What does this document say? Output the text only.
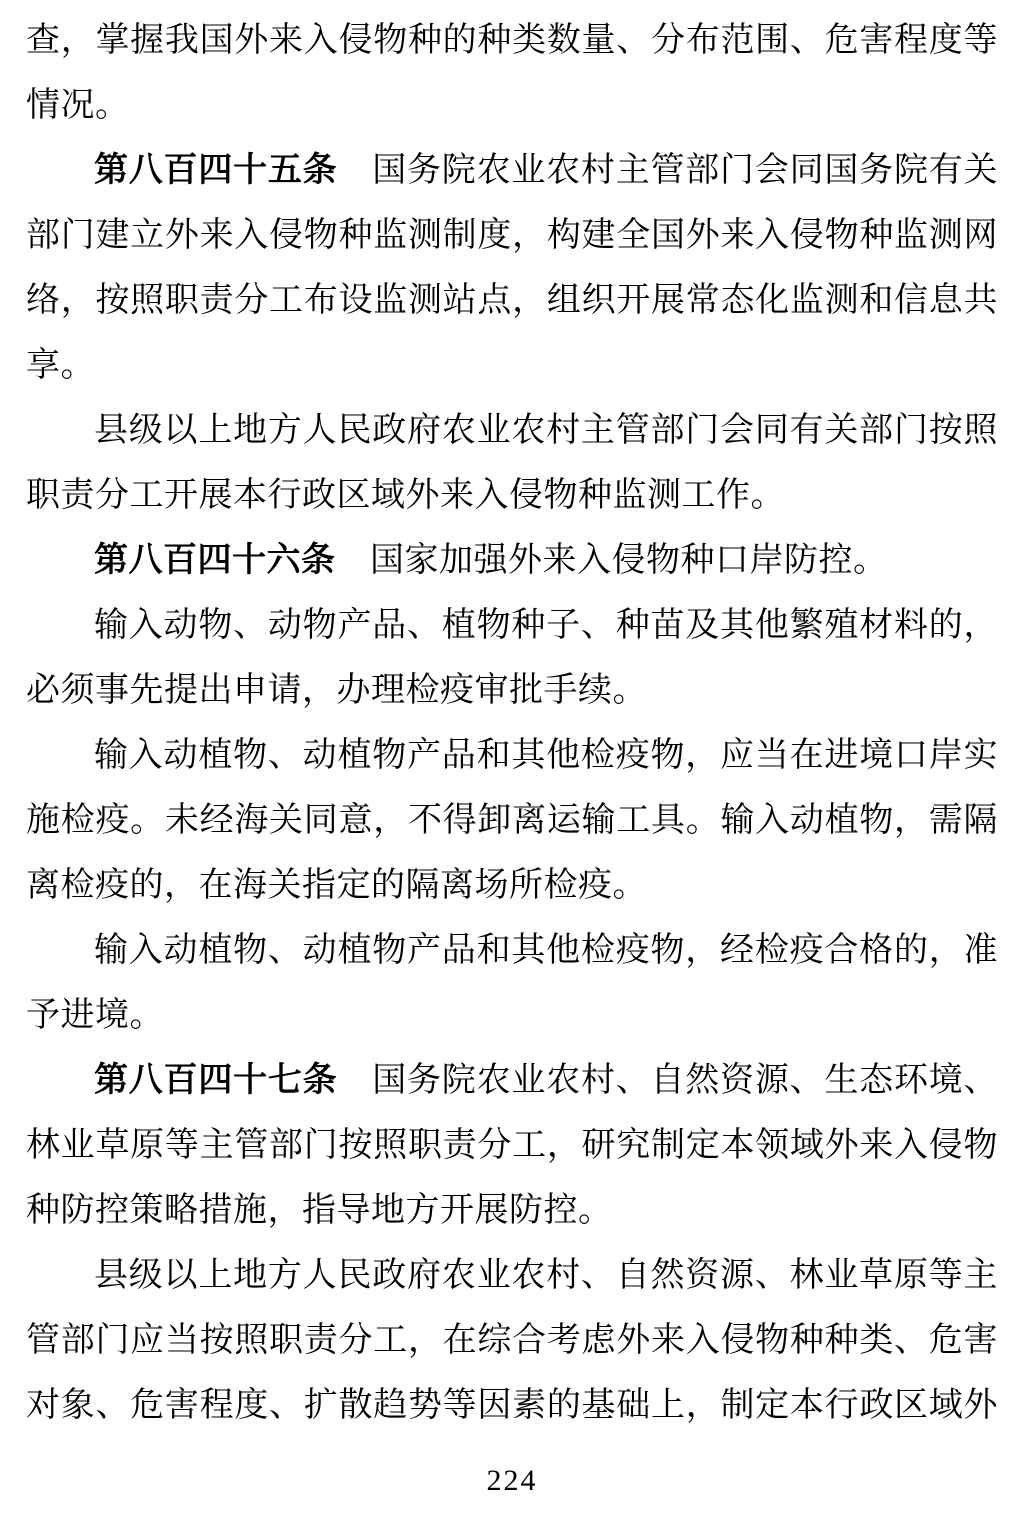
查，掌握我国外来入侵物种的种类数量、分布范围、危害程度等
情况。
第八百四十五条　国务院农业农村主管部门会同国务院有关
部门建立外来入侵物种监测制度，构建全国外来入侵物种监测网
络，按照职责分工布设监测站点，组织开展常态化监测和信息共
享。
县级以上地方人民政府农业农村主管部门会同有关部门按照
职责分工开展本行政区域外来入侵物种监测工作。
第八百四十六条　国家加强外来入侵物种口岸防控。
输入动物、动物产品、植物种子、种苗及其他繁殖材料的，
必须事先提出申请，办理检疫审批手续。
输入动植物、动植物产品和其他检疫物，应当在进境口岸实
施检疫。未经海关同意，不得卸离运输工具。输入动植物，需隔
离检疫的，在海关指定的隔离场所检疫。
输入动植物、动植物产品和其他检疫物，经检疫合格的，准
予进境。
第八百四十七条　国务院农业农村、自然资源、生态环境、
林业草原等主管部门按照职责分工，研究制定本领域外来入侵物
种防控策略措施，指导地方开展防控。
县级以上地方人民政府农业农村、自然资源、林业草原等主
管部门应当按照职责分工，在综合考虑外来入侵物种种类、危害
对象、危害程度、扩散趋势等因素的基础上，制定本行政区域外
224
